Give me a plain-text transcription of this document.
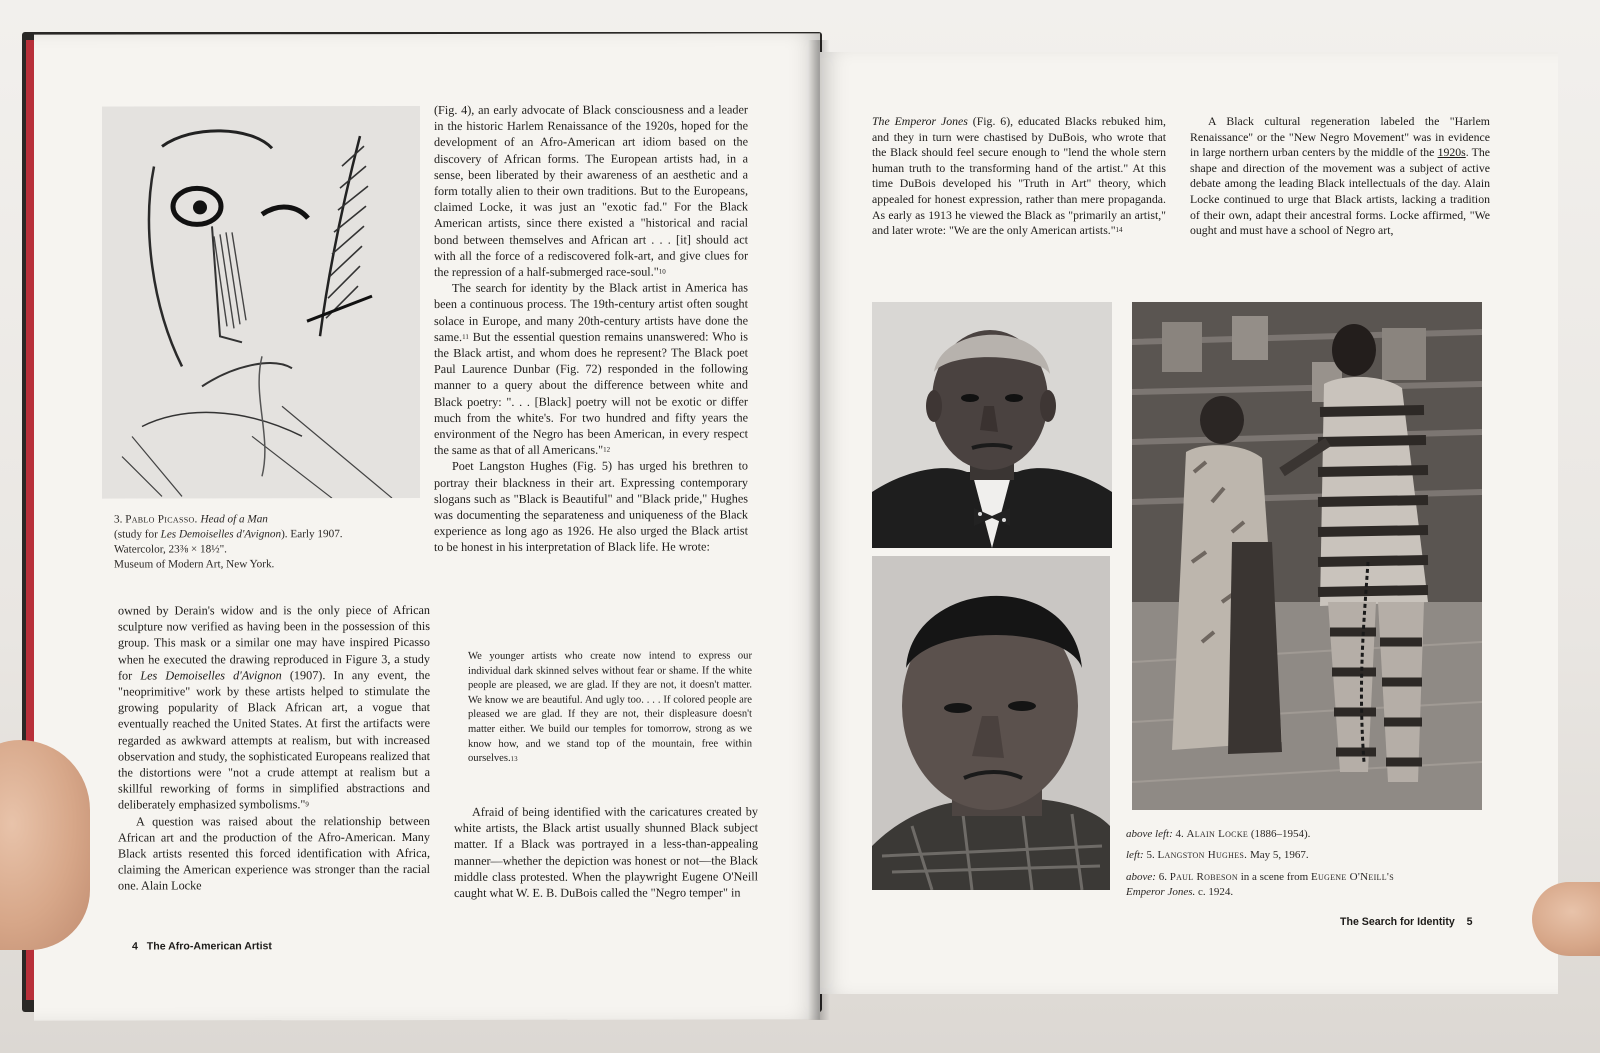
3. Pablo Picasso. Head of a Man
(study for Les Demoiselles d'Avignon). Early 1907.
Watercolor, 23⅜ × 18½".
Museum of Modern Art, New York.

owned by Derain's widow and is the only piece of African sculpture now verified as having been in the possession of this group. This mask or a similar one may have inspired Picasso when he executed the drawing reproduced in Figure 3, a study for Les Demoiselles d'Avignon (1907). In any event, the "neoprimitive" work by these artists helped to stimulate the growing popularity of Black African art, a vogue that eventually reached the United States. At first the artifacts were regarded as awkward attempts at realism, but with increased observation and study, the sophisticated Europeans realized that the distortions were "not a crude attempt at realism but a skillful reworking of forms in simplified abstractions and deliberately emphasized symbolisms."$^9$

A question was raised about the relationship between African art and the production of the Afro-American. Many Black artists resented this forced identification with Africa, claiming the American experience was stronger than the racial one. Alain Locke

(Fig. 4), an early advocate of Black consciousness and a leader in the historic Harlem Renaissance of the 1920s, hoped for the development of an Afro-American art idiom based on the discovery of African forms. The European artists had, in a sense, been liberated by their awareness of an aesthetic and a form totally alien to their own traditions. But to the Europeans, claimed Locke, it was just an "exotic fad." For the Black American artists, since there existed a "historical and racial bond between themselves and African art . . . [it] should act with all the force of a rediscovered folk-art, and give clues for the repression of a half-submerged race-soul."$^{10}$

The search for identity by the Black artist in America has been a continuous process. The 19th-century artist often sought solace in Europe, and many 20th-century artists have done the same.$^{11}$ But the essential question remains unanswered: Who is the Black artist, and whom does he represent? The Black poet Paul Laurence Dunbar (Fig. 72) responded in the following manner to a query about the difference between white and Black poetry: ". . . [Black] poetry will not be exotic or differ much from the white's. For two hundred and fifty years the environment of the Negro has been American, in every respect the same as that of all Americans."$^{12}$

Poet Langston Hughes (Fig. 5) has urged his brethren to portray their blackness in their art. Expressing contemporary slogans such as "Black is Beautiful" and "Black pride," Hughes was documenting the separateness and uniqueness of the Black experience as long ago as 1926. He also urged the Black artist to be honest in his interpretation of Black life. He wrote:

We younger artists who create now intend to express our individual dark skinned selves without fear or shame. If the white people are pleased, we are glad. If they are not, it doesn't matter. We know we are beautiful. And ugly too. . . . If colored people are pleased we are glad. If they are not, their displeasure doesn't matter either. We build our temples for tomorrow, strong as we know how, and we stand top of the mountain, free within ourselves.$^{13}$

Afraid of being identified with the caricatures created by white artists, the Black artist usually shunned Black subject matter. If a Black was portrayed in a less-than-appealing manner—whether the depiction was honest or not—the Black middle class protested. When the playwright Eugene O'Neill caught what W. E. B. DuBois called the "Negro temper" in

4 The Afro-American Artist

The Emperor Jones (Fig. 6), educated Blacks rebuked him, and they in turn were chastised by DuBois, who wrote that the Black should feel secure enough to "lend the whole stern human truth to the transforming hand of the artist." At this time DuBois developed his "Truth in Art" theory, which appealed for honest expression, rather than mere propaganda. As early as 1913 he viewed the Black as "primarily an artist," and later wrote: "We are the only American artists."$^{14}$

A Black cultural regeneration labeled the "Harlem Renaissance" or the "New Negro Movement" was in evidence in large northern urban centers by the middle of the 1920s. The shape and direction of the movement was a subject of active debate among the leading Black intellectuals of the day. Alain Locke continued to urge that Black artists, lacking a tradition of their own, adapt their ancestral forms. Locke affirmed, "We ought and must have a school of Negro art,

above left: 4. Alain Locke (1886–1954).
left: 5. Langston Hughes. May 5, 1967.
above: 6. Paul Robeson in a scene from Eugene O'Neill's
Emperor Jones. c. 1924.
The Search for Identity 5
